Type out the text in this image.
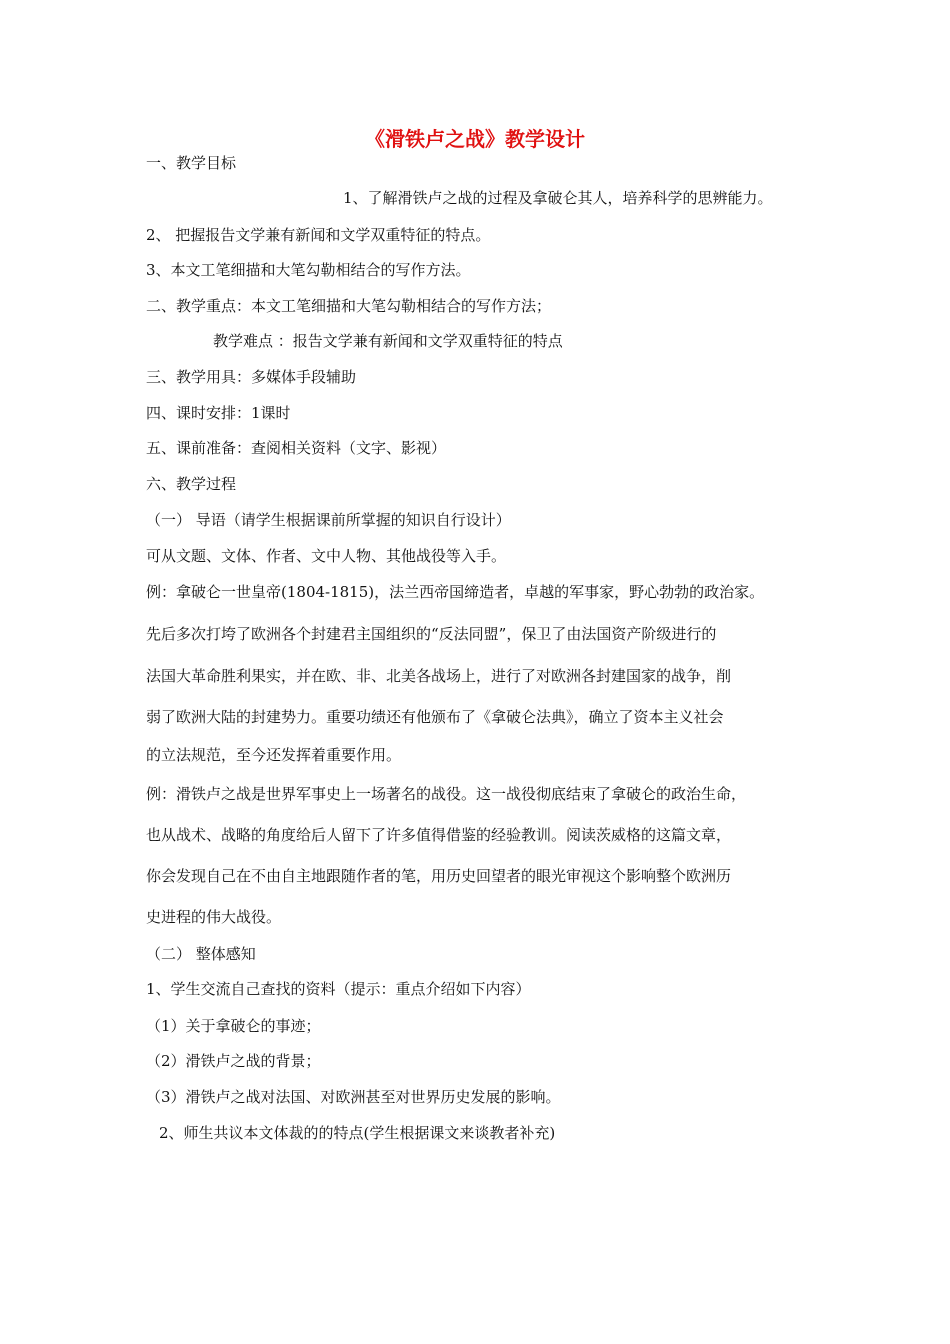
《滑铁卢之战》教学设计
一、教学目标
1、了解滑铁卢之战的过程及拿破仑其人，培养科学的思辨能力。
2、 把握报告文学兼有新闻和文学双重特征的特点。
3、本文工笔细描和大笔勾勒相结合的写作方法。
二、教学重点：本文工笔细描和大笔勾勒相结合的写作方法；
教学难点 ：报告文学兼有新闻和文学双重特征的特点
三、教学用具：多媒体手段辅助
四、课时安排：1课时
五、课前准备：查阅相关资料（文字、影视）
六、教学过程
（一） 导语（请学生根据课前所掌握的知识自行设计）
可从文题、文体、作者、文中人物、其他战役等入手。
例：拿破仑一世皇帝(1804-1815)，法兰西帝国缔造者，卓越的军事家，野心勃勃的政治家。
先后多次打垮了欧洲各个封建君主国组织的“反法同盟”，保卫了由法国资产阶级进行的
法国大革命胜利果实，并在欧、非、北美各战场上，进行了对欧洲各封建国家的战争，削
弱了欧洲大陆的封建势力。重要功绩还有他颁布了《拿破仑法典》，确立了资本主义社会
的立法规范，至今还发挥着重要作用。
例：滑铁卢之战是世界军事史上一场著名的战役。这一战役彻底结束了拿破仑的政治生命，
也从战术、战略的角度给后人留下了许多值得借鉴的经验教训。阅读茨威格的这篇文章，
你会发现自己在不由自主地跟随作者的笔，用历史回望者的眼光审视这个影响整个欧洲历
史进程的伟大战役。
（二） 整体感知
1、学生交流自己查找的资料（提示：重点介绍如下内容）
（1）关于拿破仑的事迹；
（2）滑铁卢之战的背景；
（3）滑铁卢之战对法国、对欧洲甚至对世界历史发展的影响。
2、师生共议本文体裁的的特点(学生根据课文来谈教者补充)
